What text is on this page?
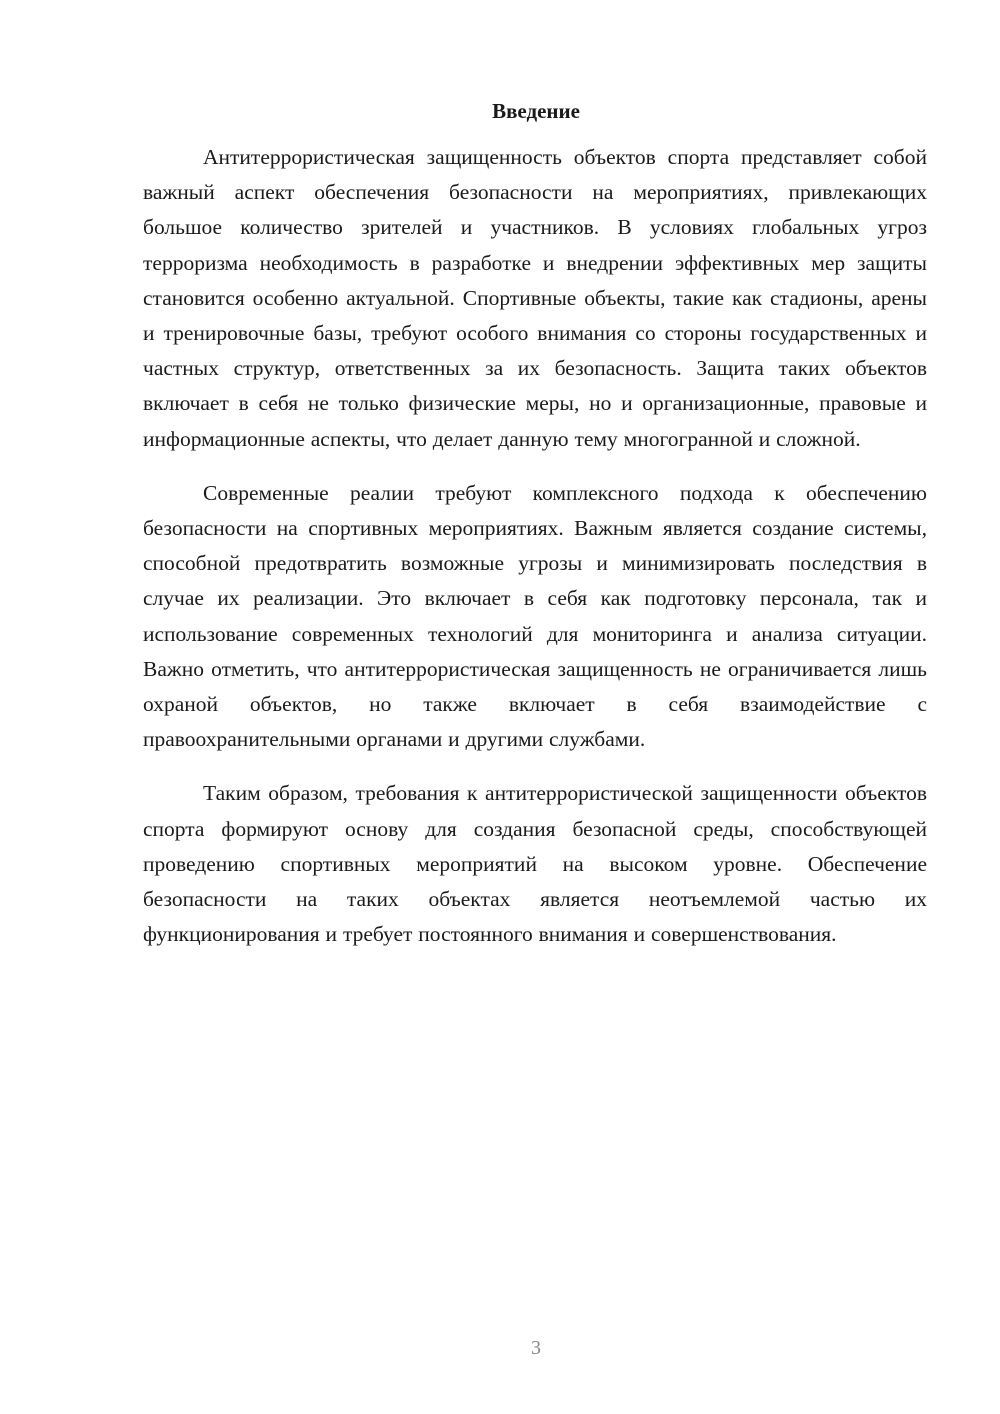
Введение

Антитеррористическая защищенность объектов спорта представляет собой важный аспект обеспечения безопасности на мероприятиях, привлекающих большое количество зрителей и участников. В условиях глобальных угроз терроризма необходимость в разработке и внедрении эффективных мер защиты становится особенно актуальной. Спортивные объекты, такие как стадионы, арены и тренировочные базы, требуют особого внимания со стороны государственных и частных структур, ответственных за их безопасность. Защита таких объектов включает в себя не только физические меры, но и организационные, правовые и информационные аспекты, что делает данную тему многогранной и сложной.

Современные реалии требуют комплексного подхода к обеспечению безопасности на спортивных мероприятиях. Важным является создание системы, способной предотвратить возможные угрозы и минимизировать последствия в случае их реализации. Это включает в себя как подготовку персонала, так и использование современных технологий для мониторинга и анализа ситуации. Важно отметить, что антитеррористическая защищенность не ограничивается лишь охраной объектов, но также включает в себя взаимодействие с правоохранительными органами и другими службами.

Таким образом, требования к антитеррористической защищенности объектов спорта формируют основу для создания безопасной среды, способствующей проведению спортивных мероприятий на высоком уровне. Обеспечение безопасности на таких объектах является неотъемлемой частью их функционирования и требует постоянного внимания и совершенствования.

3
